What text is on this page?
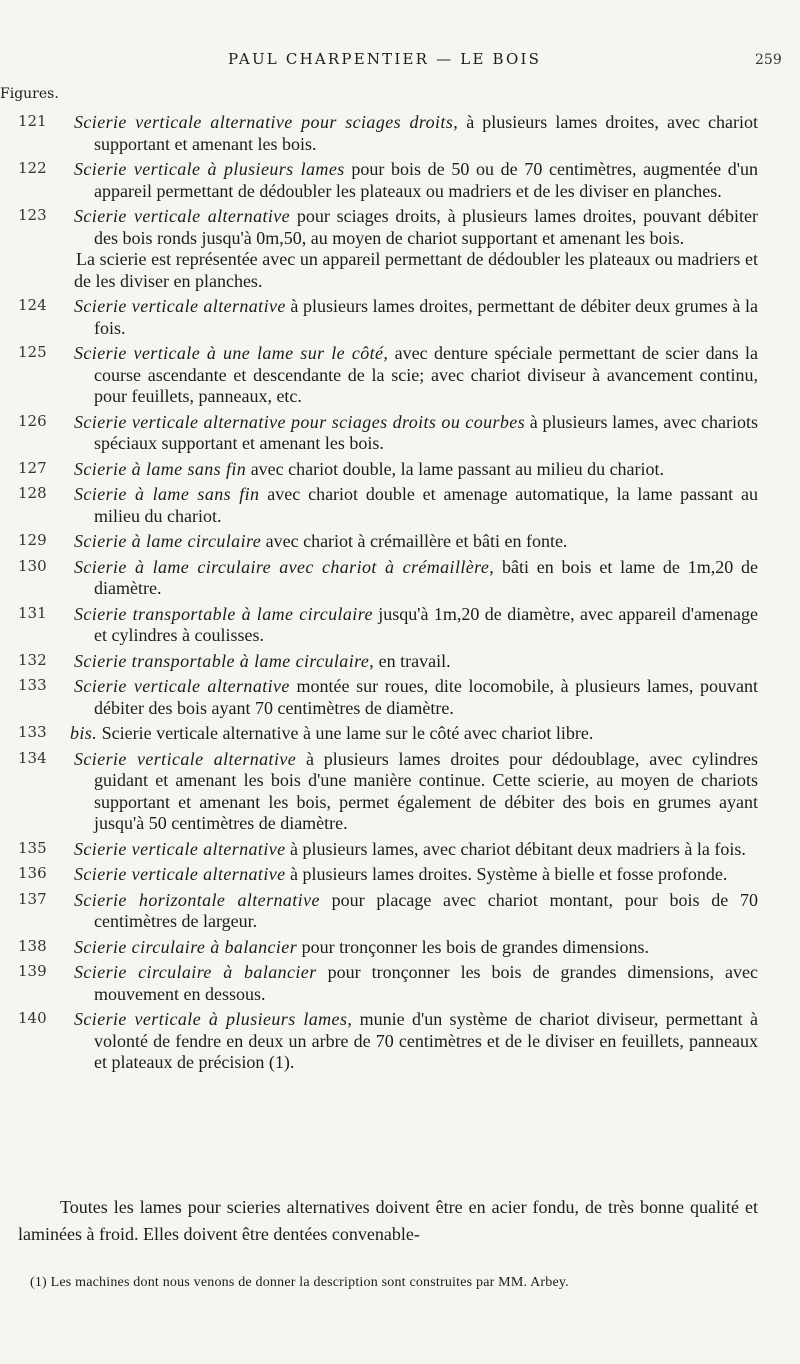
PAUL CHARPENTIER — LE BOIS	259
Figures.
121 Scierie verticale alternative pour sciages droits, à plusieurs lames droites, avec chariot supportant et amenant les bois.
122 Scierie verticale à plusieurs lames pour bois de 50 ou de 70 centimètres, augmentée d'un appareil permettant de dédoubler les plateaux ou madriers et de les diviser en planches.
123 Scierie verticale alternative pour sciages droits, à plusieurs lames droites, pouvant débiter des bois ronds jusqu'à 0m,50, au moyen de chariot supportant et amenant les bois.
La scierie est représentée avec un appareil permettant de dédoubler les plateaux ou madriers et de les diviser en planches.
124 Scierie verticale alternative à plusieurs lames droites, permettant de débiter deux grumes à la fois.
125 Scierie verticale à une lame sur le côté, avec denture spéciale permettant de scier dans la course ascendante et descendante de la scie; avec chariot diviseur à avancement continu, pour feuillets, panneaux, etc.
126 Scierie verticale alternative pour sciages droits ou courbes à plusieurs lames, avec chariots spéciaux supportant et amenant les bois.
127 Scierie à lame sans fin avec chariot double, la lame passant au milieu du chariot.
128 Scierie à lame sans fin avec chariot double et amenage automatique, la lame passant au milieu du chariot.
129 Scierie à lame circulaire avec chariot à crémaillère et bâti en fonte.
130 Scierie à lame circulaire avec chariot à crémaillère, bâti en bois et lame de 1m,20 de diamètre.
131 Scierie transportable à lame circulaire jusqu'à 1m,20 de diamètre, avec appareil d'amenage et cylindres à coulisses.
132 Scierie transportable à lame circulaire, en travail.
133 Scierie verticale alternative montée sur roues, dite locomobile, à plusieurs lames, pouvant débiter des bois ayant 70 centimètres de diamètre.
133 bis. Scierie verticale alternative à une lame sur le côté avec chariot libre.
134 Scierie verticale alternative à plusieurs lames droites pour dédoublage, avec cylindres guidant et amenant les bois d'une manière continue. Cette scierie, au moyen de chariots supportant et amenant les bois, permet également de débiter des bois en grumes ayant jusqu'à 50 centimètres de diamètre.
135 Scierie verticale alternative à plusieurs lames, avec chariot débitant deux madriers à la fois.
136 Scierie verticale alternative à plusieurs lames droites. Système à bielle et fosse profonde.
137 Scierie horizontale alternative pour placage avec chariot montant, pour bois de 70 centimètres de largeur.
138 Scierie circulaire à balancier pour tronçonner les bois de grandes dimensions.
139 Scierie circulaire à balancier pour tronçonner les bois de grandes dimensions, avec mouvement en dessous.
140 Scierie verticale à plusieurs lames, munie d'un système de chariot diviseur, permettant à volonté de fendre en deux un arbre de 70 centimètres et de le diviser en feuillets, panneaux et plateaux de précision (1).
Toutes les lames pour scieries alternatives doivent être en acier fondu, de très bonne qualité et laminées à froid. Elles doivent être dentées convenable-
(1) Les machines dont nous venons de donner la description sont construites par MM. Arbey.
